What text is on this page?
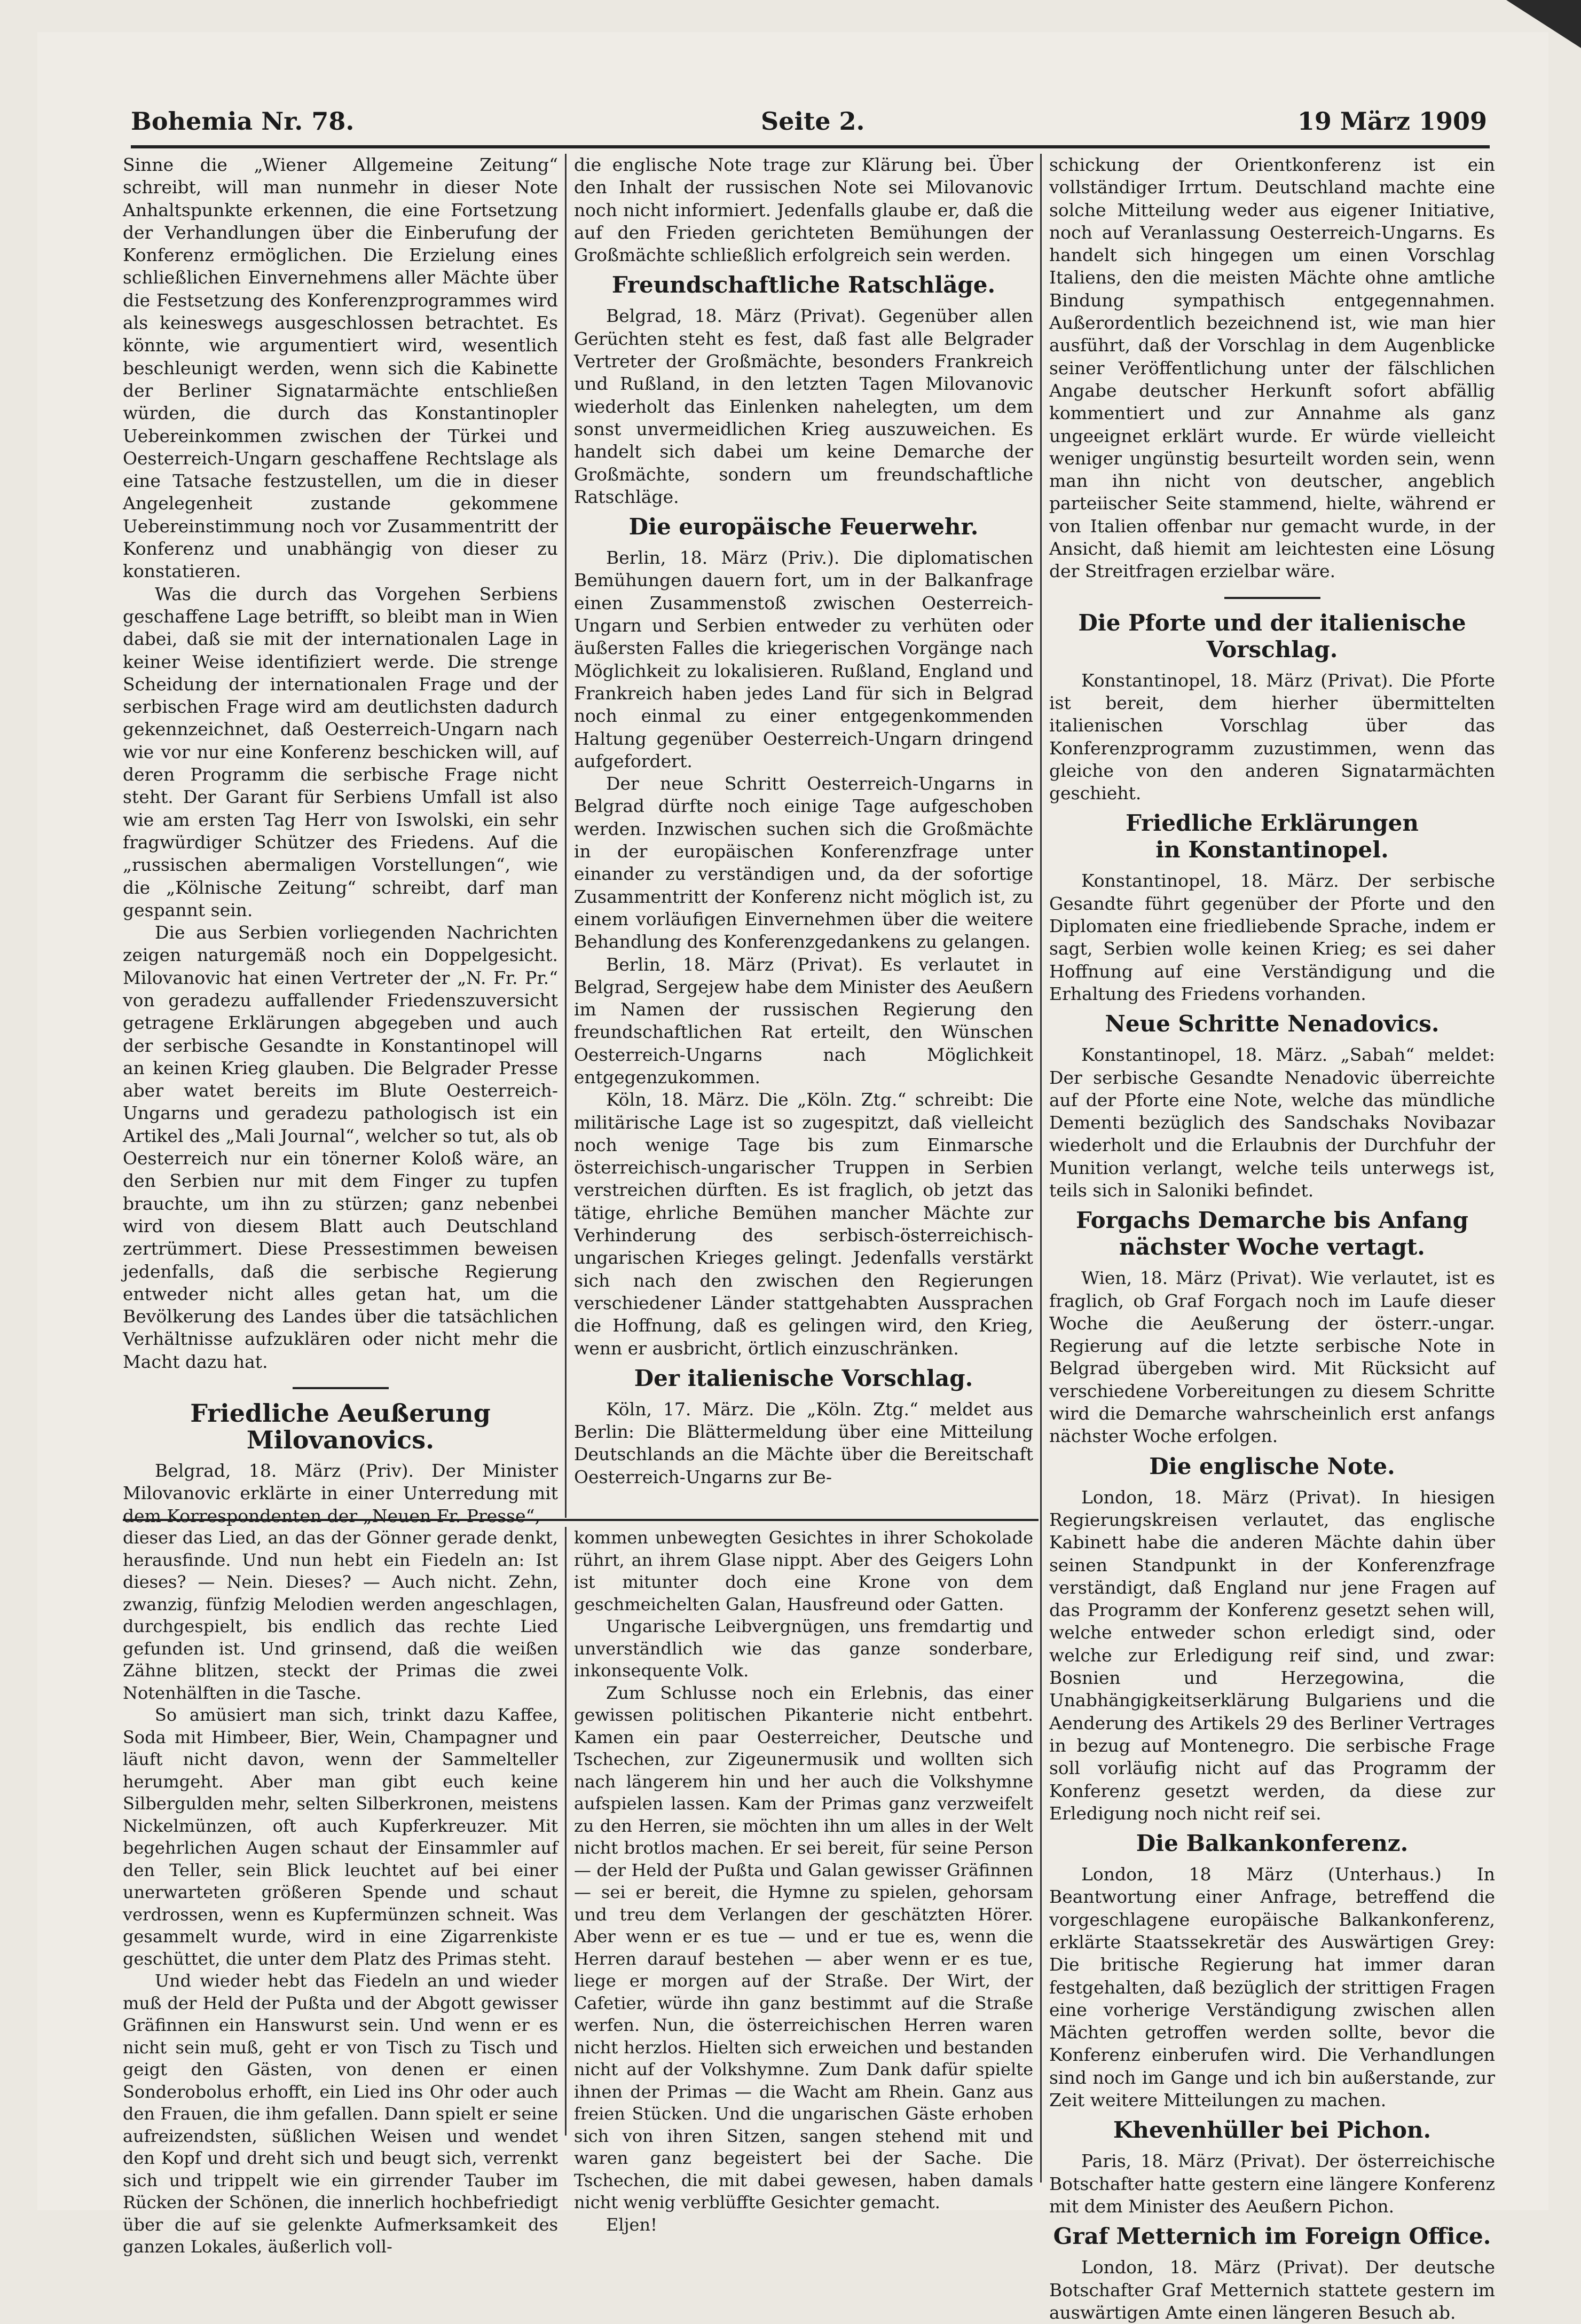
Bohemia Nr. 78.	Seite 2.	19 März 1909

Sinne die „Wiener Allgemeine Zeitung“ schreibt, will man nunmehr in dieser Note Anhaltspunkte erkennen, die eine Fortsetzung der Verhandlungen über die Einberufung der Konferenz ermöglichen. Die Erzielung eines schließlichen Einvernehmens aller Mächte über die Festsetzung des Konferenzprogrammes wird als keineswegs ausgeschlossen betrachtet. Es könnte, wie argumentiert wird, wesentlich beschleunigt werden, wenn sich die Kabinette der Berliner Signatarmächte entschließen würden, die durch das Konstantinopler Uebereinkommen zwischen der Türkei und Oesterreich-Ungarn geschaffene Rechtslage als eine Tatsache festzustellen, um die in dieser Angelegenheit zustande gekommene Uebereinstimmung noch vor Zusammentritt der Konferenz und unabhängig von dieser zu konstatieren.

Was die durch das Vorgehen Serbiens geschaffene Lage betrifft, so bleibt man in Wien dabei, daß sie mit der internationalen Lage in keiner Weise identifiziert werde. Die strenge Scheidung der internationalen Frage und der serbischen Frage wird am deutlichsten dadurch gekennzeichnet, daß Oesterreich-Ungarn nach wie vor nur eine Konferenz beschicken will, auf deren Programm die serbische Frage nicht steht. Der Garant für Serbiens Umfall ist also wie am ersten Tag Herr von Iswolski, ein sehr fragwürdiger Schützer des Friedens. Auf die „russischen abermaligen Vorstellungen“, wie die „Kölnische Zeitung“ schreibt, darf man gespannt sein.

Die aus Serbien vorliegenden Nachrichten zeigen naturgemäß noch ein Doppelgesicht. Milovanovic hat einen Vertreter der „N. Fr. Pr.“ von geradezu auffallender Friedenszuversicht getragene Erklärungen abgegeben und auch der serbische Gesandte in Konstantinopel will an keinen Krieg glauben. Die Belgrader Presse aber watet bereits im Blute Oesterreich-Ungarns und geradezu pathologisch ist ein Artikel des „Mali Journal“, welcher so tut, als ob Oesterreich nur ein tönerner Koloß wäre, an den Serbien nur mit dem Finger zu tupfen brauchte, um ihn zu stürzen; ganz nebenbei wird von diesem Blatt auch Deutschland zertrümmert. Diese Pressestimmen beweisen jedenfalls, daß die serbische Regierung entweder nicht alles getan hat, um die Bevölkerung des Landes über die tatsächlichen Verhältnisse aufzuklären oder nicht mehr die Macht dazu hat.

Friedliche Aeußerung Milovanovics.

Belgrad, 18. März (Priv). Der Minister Milovanovic erklärte in einer Unterredung mit dem Korrespondenten der „Neuen Fr. Presse“,

die englische Note trage zur Klärung bei. Über den Inhalt der russischen Note sei Milovanovic noch nicht informiert. Jedenfalls glaube er, daß die auf den Frieden gerichteten Bemühungen der Großmächte schließlich erfolgreich sein werden.

Freundschaftliche Ratschläge.

Belgrad, 18. März (Privat). Gegenüber allen Gerüchten steht es fest, daß fast alle Belgrader Vertreter der Großmächte, besonders Frankreich und Rußland, in den letzten Tagen Milovanovic wiederholt das Einlenken nahelegten, um dem sonst unvermeidlichen Krieg auszuweichen. Es handelt sich dabei um keine Demarche der Großmächte, sondern um freundschaftliche Ratschläge.

Die europäische Feuerwehr.

Berlin, 18. März (Priv.). Die diplomatischen Bemühungen dauern fort, um in der Balkanfrage einen Zusammenstoß zwischen Oesterreich-Ungarn und Serbien entweder zu verhüten oder äußersten Falles die kriegerischen Vorgänge nach Möglichkeit zu lokalisieren. Rußland, England und Frankreich haben jedes Land für sich in Belgrad noch einmal zu einer entgegenkommenden Haltung gegenüber Oesterreich-Ungarn dringend aufgefordert.

Der neue Schritt Oesterreich-Ungarns in Belgrad dürfte noch einige Tage aufgeschoben werden. Inzwischen suchen sich die Großmächte in der europäischen Konferenzfrage unter einander zu verständigen und, da der sofortige Zusammentritt der Konferenz nicht möglich ist, zu einem vorläufigen Einvernehmen über die weitere Behandlung des Konferenzgedankens zu gelangen.

Berlin, 18. März (Privat). Es verlautet in Belgrad, Sergejew habe dem Minister des Aeußern im Namen der russischen Regierung den freundschaftlichen Rat erteilt, den Wünschen Oesterreich-Ungarns nach Möglichkeit entgegenzukommen.

Köln, 18. März. Die „Köln. Ztg.“ schreibt: Die militärische Lage ist so zugespitzt, daß vielleicht noch wenige Tage bis zum Einmarsche österreichisch-ungarischer Truppen in Serbien verstreichen dürften. Es ist fraglich, ob jetzt das tätige, ehrliche Bemühen mancher Mächte zur Verhinderung des serbisch-österreichisch-ungarischen Krieges gelingt. Jedenfalls verstärkt sich nach den zwischen den Regierungen verschiedener Länder stattgehabten Aussprachen die Hoffnung, daß es gelingen wird, den Krieg, wenn er ausbricht, örtlich einzuschränken.

Der italienische Vorschlag.

Köln, 17. März. Die „Köln. Ztg.“ meldet aus Berlin: Die Blättermeldung über eine Mitteilung Deutschlands an die Mächte über die Bereitschaft Oesterreich-Ungarns zur Be-

schickung der Orientkonferenz ist ein vollständiger Irrtum. Deutschland machte eine solche Mitteilung weder aus eigener Initiative, noch auf Veranlassung Oesterreich-Ungarns. Es handelt sich hingegen um einen Vorschlag Italiens, den die meisten Mächte ohne amtliche Bindung sympathisch entgegennahmen. Außerordentlich bezeichnend ist, wie man hier ausführt, daß der Vorschlag in dem Augenblicke seiner Veröffentlichung unter der fälschlichen Angabe deutscher Herkunft sofort abfällig kommentiert und zur Annahme als ganz ungeeignet erklärt wurde. Er würde vielleicht weniger ungünstig besurteilt worden sein, wenn man ihn nicht von deutscher, angeblich parteiischer Seite stammend, hielte, während er von Italien offenbar nur gemacht wurde, in der Ansicht, daß hiemit am leichtesten eine Lösung der Streitfragen erzielbar wäre.

Die Pforte und der italienische Vorschlag.

Konstantinopel, 18. März (Privat). Die Pforte ist bereit, dem hierher übermittelten italienischen Vorschlag über das Konferenzprogramm zuzustimmen, wenn das gleiche von den anderen Signatarmächten geschieht.

Friedliche Erklärungen
in Konstantinopel.

Konstantinopel, 18. März. Der serbische Gesandte führt gegenüber der Pforte und den Diplomaten eine friedliebende Sprache, indem er sagt, Serbien wolle keinen Krieg; es sei daher Hoffnung auf eine Verständigung und die Erhaltung des Friedens vorhanden.

Neue Schritte Nenadovics.

Konstantinopel, 18. März. „Sabah“ meldet: Der serbische Gesandte Nenadovic überreichte auf der Pforte eine Note, welche das mündliche Dementi bezüglich des Sandschaks Novibazar wiederholt und die Erlaubnis der Durchfuhr der Munition verlangt, welche teils unterwegs ist, teils sich in Saloniki befindet.

Forgachs Demarche bis Anfang
nächster Woche vertagt.

Wien, 18. März (Privat). Wie verlautet, ist es fraglich, ob Graf Forgach noch im Laufe dieser Woche die Aeußerung der österr.-ungar. Regierung auf die letzte serbische Note in Belgrad übergeben wird. Mit Rücksicht auf verschiedene Vorbereitungen zu diesem Schritte wird die Demarche wahrscheinlich erst anfangs nächster Woche erfolgen.

Die englische Note.

London, 18. März (Privat). In hiesigen Regierungskreisen verlautet, das englische Kabinett habe die anderen Mächte dahin über seinen Standpunkt in der Konferenzfrage verständigt, daß England nur jene Fragen auf das Programm der Konferenz gesetzt sehen will, welche entweder schon erledigt sind, oder welche zur Erledigung reif sind, und zwar: Bosnien und Herzegowina, die Unabhängigkeitserklärung Bulgariens und die Aenderung des Artikels 29 des Berliner Vertrages in bezug auf Montenegro. Die serbische Frage soll vorläufig nicht auf das Programm der Konferenz gesetzt werden, da diese zur Erledigung noch nicht reif sei.

Die Balkankonferenz.

London, 18 März (Unterhaus.) In Beantwortung einer Anfrage, betreffend die vorgeschlagene europäische Balkankonferenz, erklärte Staatssekretär des Auswärtigen Grey: Die britische Regierung hat immer daran festgehalten, daß bezüglich der strittigen Fragen eine vorherige Verständigung zwischen allen Mächten getroffen werden sollte, bevor die Konferenz einberufen wird. Die Verhandlungen sind noch im Gange und ich bin außerstande, zur Zeit weitere Mitteilungen zu machen.

Khevenhüller bei Pichon.

Paris, 18. März (Privat). Der österreichische Botschafter hatte gestern eine längere Konferenz mit dem Minister des Aeußern Pichon.

Graf Metternich im Foreign Office.

London, 18. März (Privat). Der deutsche Botschafter Graf Metternich stattete gestern im auswärtigen Amte einen längeren Besuch ab.

dieser das Lied, an das der Gönner gerade denkt, herausfinde. Und nun hebt ein Fiedeln an: Ist dieses? — Nein. Dieses? — Auch nicht. Zehn, zwanzig, fünfzig Melodien werden angeschlagen, durchgespielt, bis endlich das rechte Lied gefunden ist. Und grinsend, daß die weißen Zähne blitzen, steckt der Primas die zwei Notenhälften in die Tasche.

So amüsiert man sich, trinkt dazu Kaffee, Soda mit Himbeer, Bier, Wein, Champagner und läuft nicht davon, wenn der Sammelteller herumgeht. Aber man gibt euch keine Silbergulden mehr, selten Silberkronen, meistens Nickelmünzen, oft auch Kupferkreuzer. Mit begehrlichen Augen schaut der Einsammler auf den Teller, sein Blick leuchtet auf bei einer unerwarteten größeren Spende und schaut verdrossen, wenn es Kupfermünzen schneit. Was gesammelt wurde, wird in eine Zigarrenkiste geschüttet, die unter dem Platz des Primas steht.

Und wieder hebt das Fiedeln an und wieder muß der Held der Pußta und der Abgott gewisser Gräfinnen ein Hanswurst sein. Und wenn er es nicht sein muß, geht er von Tisch zu Tisch und geigt den Gästen, von denen er einen Sonderobolus erhofft, ein Lied ins Ohr oder auch den Frauen, die ihm gefallen. Dann spielt er seine aufreizendsten, süßlichen Weisen und wendet den Kopf und dreht sich und beugt sich, verrenkt sich und trippelt wie ein girrender Tauber im Rücken der Schönen, die innerlich hochbefriedigt über die auf sie gelenkte Aufmerksamkeit des ganzen Lokales, äußerlich voll-

kommen unbewegten Gesichtes in ihrer Schokolade rührt, an ihrem Glase nippt. Aber des Geigers Lohn ist mitunter doch eine Krone von dem geschmeichelten Galan, Hausfreund oder Gatten.

Ungarische Leibvergnügen, uns fremdartig und unverständlich wie das ganze sonderbare, inkonsequente Volk.

Zum Schlusse noch ein Erlebnis, das einer gewissen politischen Pikanterie nicht entbehrt. Kamen ein paar Oesterreicher, Deutsche und Tschechen, zur Zigeunermusik und wollten sich nach längerem hin und her auch die Volkshymne aufspielen lassen. Kam der Primas ganz verzweifelt zu den Herren, sie möchten ihn um alles in der Welt nicht brotlos machen. Er sei bereit, für seine Person — der Held der Pußta und Galan gewisser Gräfinnen — sei er bereit, die Hymne zu spielen, gehorsam und treu dem Verlangen der geschätzten Hörer. Aber wenn er es tue — und er tue es, wenn die Herren darauf bestehen — aber wenn er es tue, liege er morgen auf der Straße. Der Wirt, der Cafetier, würde ihn ganz bestimmt auf die Straße werfen. Nun, die österreichischen Herren waren nicht herzlos. Hielten sich erweichen und bestanden nicht auf der Volkshymne. Zum Dank dafür spielte ihnen der Primas — die Wacht am Rhein. Ganz aus freien Stücken. Und die ungarischen Gäste erhoben sich von ihren Sitzen, sangen stehend mit und waren ganz begeistert bei der Sache. Die Tschechen, die mit dabei gewesen, haben damals nicht wenig verblüffte Gesichter gemacht.

Eljen!
